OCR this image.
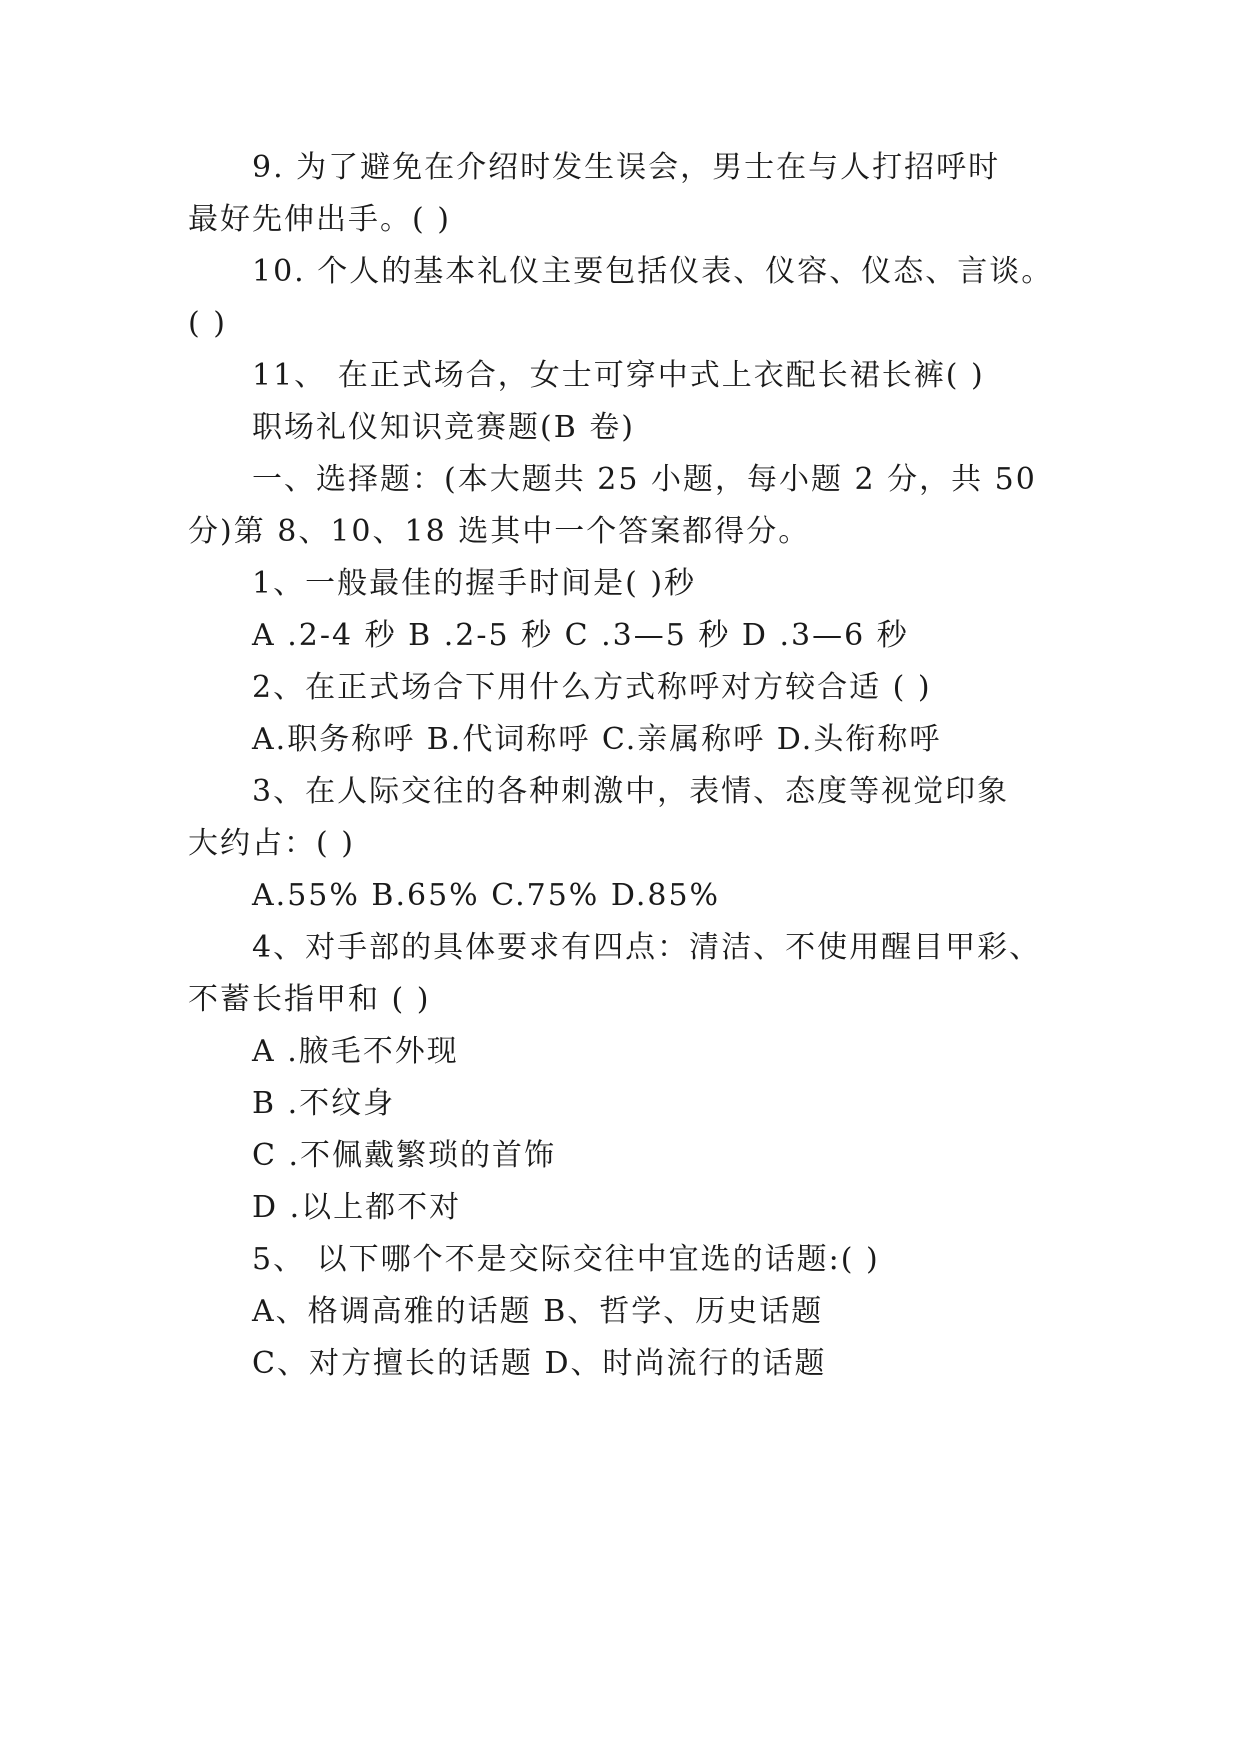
9. 为了避免在介绍时发生误会，男士在与人打招呼时
最好先伸出手。( )
10. 个人的基本礼仪主要包括仪表、仪容、仪态、言谈。
( )
11、 在正式场合，女士可穿中式上衣配长裙长裤( )
职场礼仪知识竞赛题(B 卷)
一、选择题：(本大题共 25 小题，每小题 2 分，共 50
分)第 8、10、18 选其中一个答案都得分。
1、一般最佳的握手时间是( )秒
A .2-4 秒 B .2-5 秒 C .3—5 秒 D .3—6 秒
2、在正式场合下用什么方式称呼对方较合适 ( )
A.职务称呼 B.代词称呼 C.亲属称呼 D.头衔称呼
3、在人际交往的各种刺激中，表情、态度等视觉印象
大约占：( )
A.55% B.65% C.75% D.85%
4、对手部的具体要求有四点：清洁、不使用醒目甲彩、
不蓄长指甲和 ( )
A .腋毛不外现
B .不纹身
C .不佩戴繁琐的首饰
D .以上都不对
5、 以下哪个不是交际交往中宜选的话题:( )
A、格调高雅的话题 B、哲学、历史话题
C、对方擅长的话题 D、时尚流行的话题
